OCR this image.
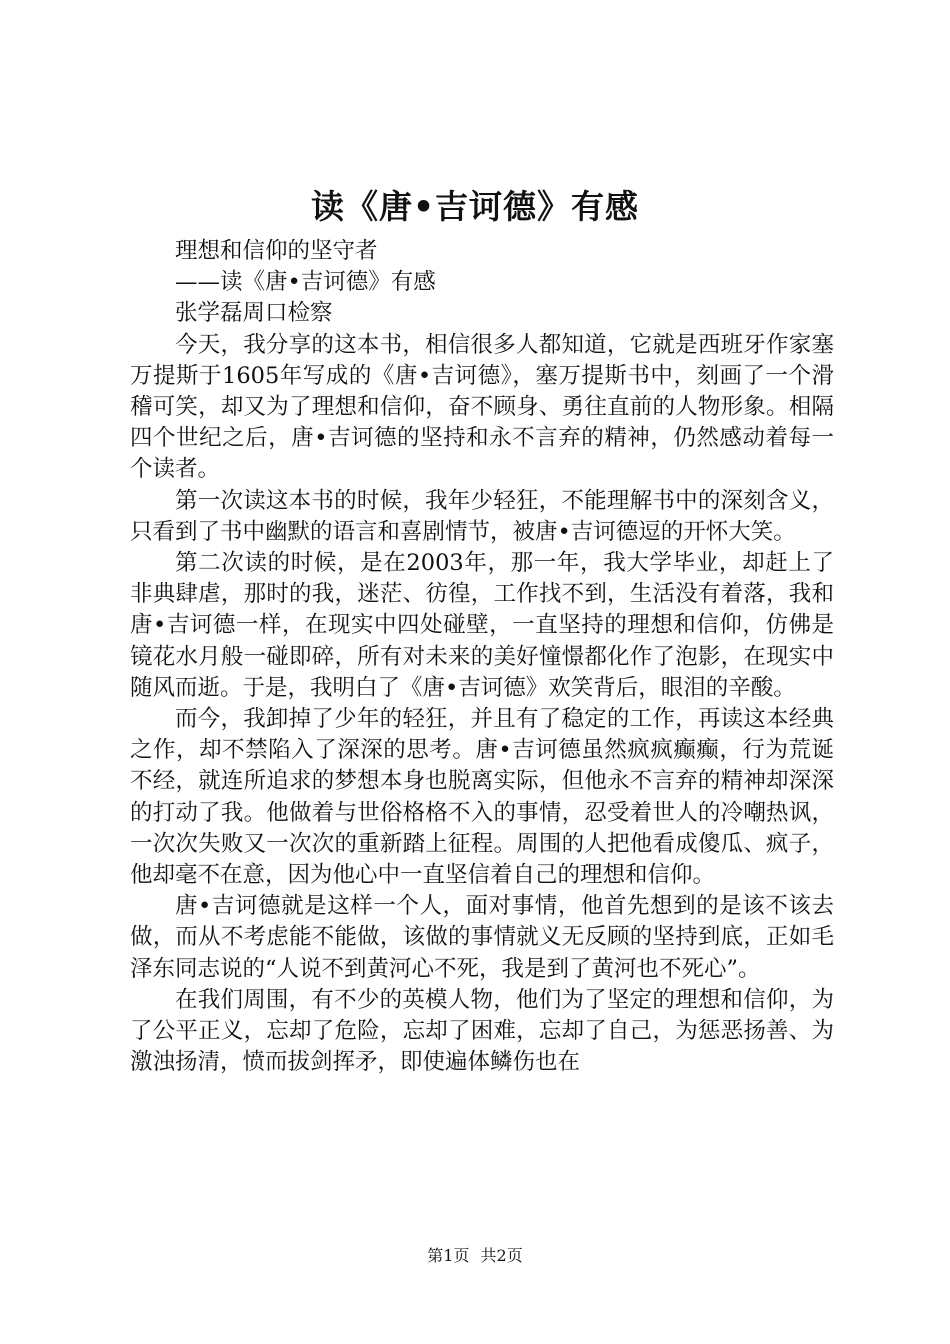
读《唐•吉诃德》有感

理想和信仰的坚守者

——读《唐•吉诃德》有感

张学磊周口检察

今天，我分享的这本书，相信很多人都知道，它就是西班牙作家塞万提斯于1605年写成的《唐•吉诃德》，塞万提斯书中，刻画了一个滑稽可笑，却又为了理想和信仰，奋不顾身、勇往直前的人物形象。相隔四个世纪之后，唐•吉诃德的坚持和永不言弃的精神，仍然感动着每一个读者。

第一次读这本书的时候，我年少轻狂，不能理解书中的深刻含义，只看到了书中幽默的语言和喜剧情节，被唐•吉诃德逗的开怀大笑。

第二次读的时候，是在2003年，那一年，我大学毕业，却赶上了非典肆虐，那时的我，迷茫、彷徨，工作找不到，生活没有着落，我和唐•吉诃德一样，在现实中四处碰壁，一直坚持的理想和信仰，仿佛是镜花水月般一碰即碎，所有对未来的美好憧憬都化作了泡影，在现实中随风而逝。于是，我明白了《唐•吉诃德》欢笑背后，眼泪的辛酸。

而今，我卸掉了少年的轻狂，并且有了稳定的工作，再读这本经典之作，却不禁陷入了深深的思考。唐•吉诃德虽然疯疯癫癫，行为荒诞不经，就连所追求的梦想本身也脱离实际，但他永不言弃的精神却深深的打动了我。他做着与世俗格格不入的事情，忍受着世人的冷嘲热讽，一次次失败又一次次的重新踏上征程。周围的人把他看成傻瓜、疯子，他却毫不在意，因为他心中一直坚信着自己的理想和信仰。

唐•吉诃德就是这样一个人，面对事情，他首先想到的是该不该去做，而从不考虑能不能做，该做的事情就义无反顾的坚持到底，正如毛泽东同志说的“人说不到黄河心不死，我是到了黄河也不死心”。

在我们周围，有不少的英模人物，他们为了坚定的理想和信仰，为了公平正义，忘却了危险，忘却了困难，忘却了自己，为惩恶扬善、为激浊扬清，愤而拔剑挥矛，即使遍体鳞伤也在

第1页 共2页
